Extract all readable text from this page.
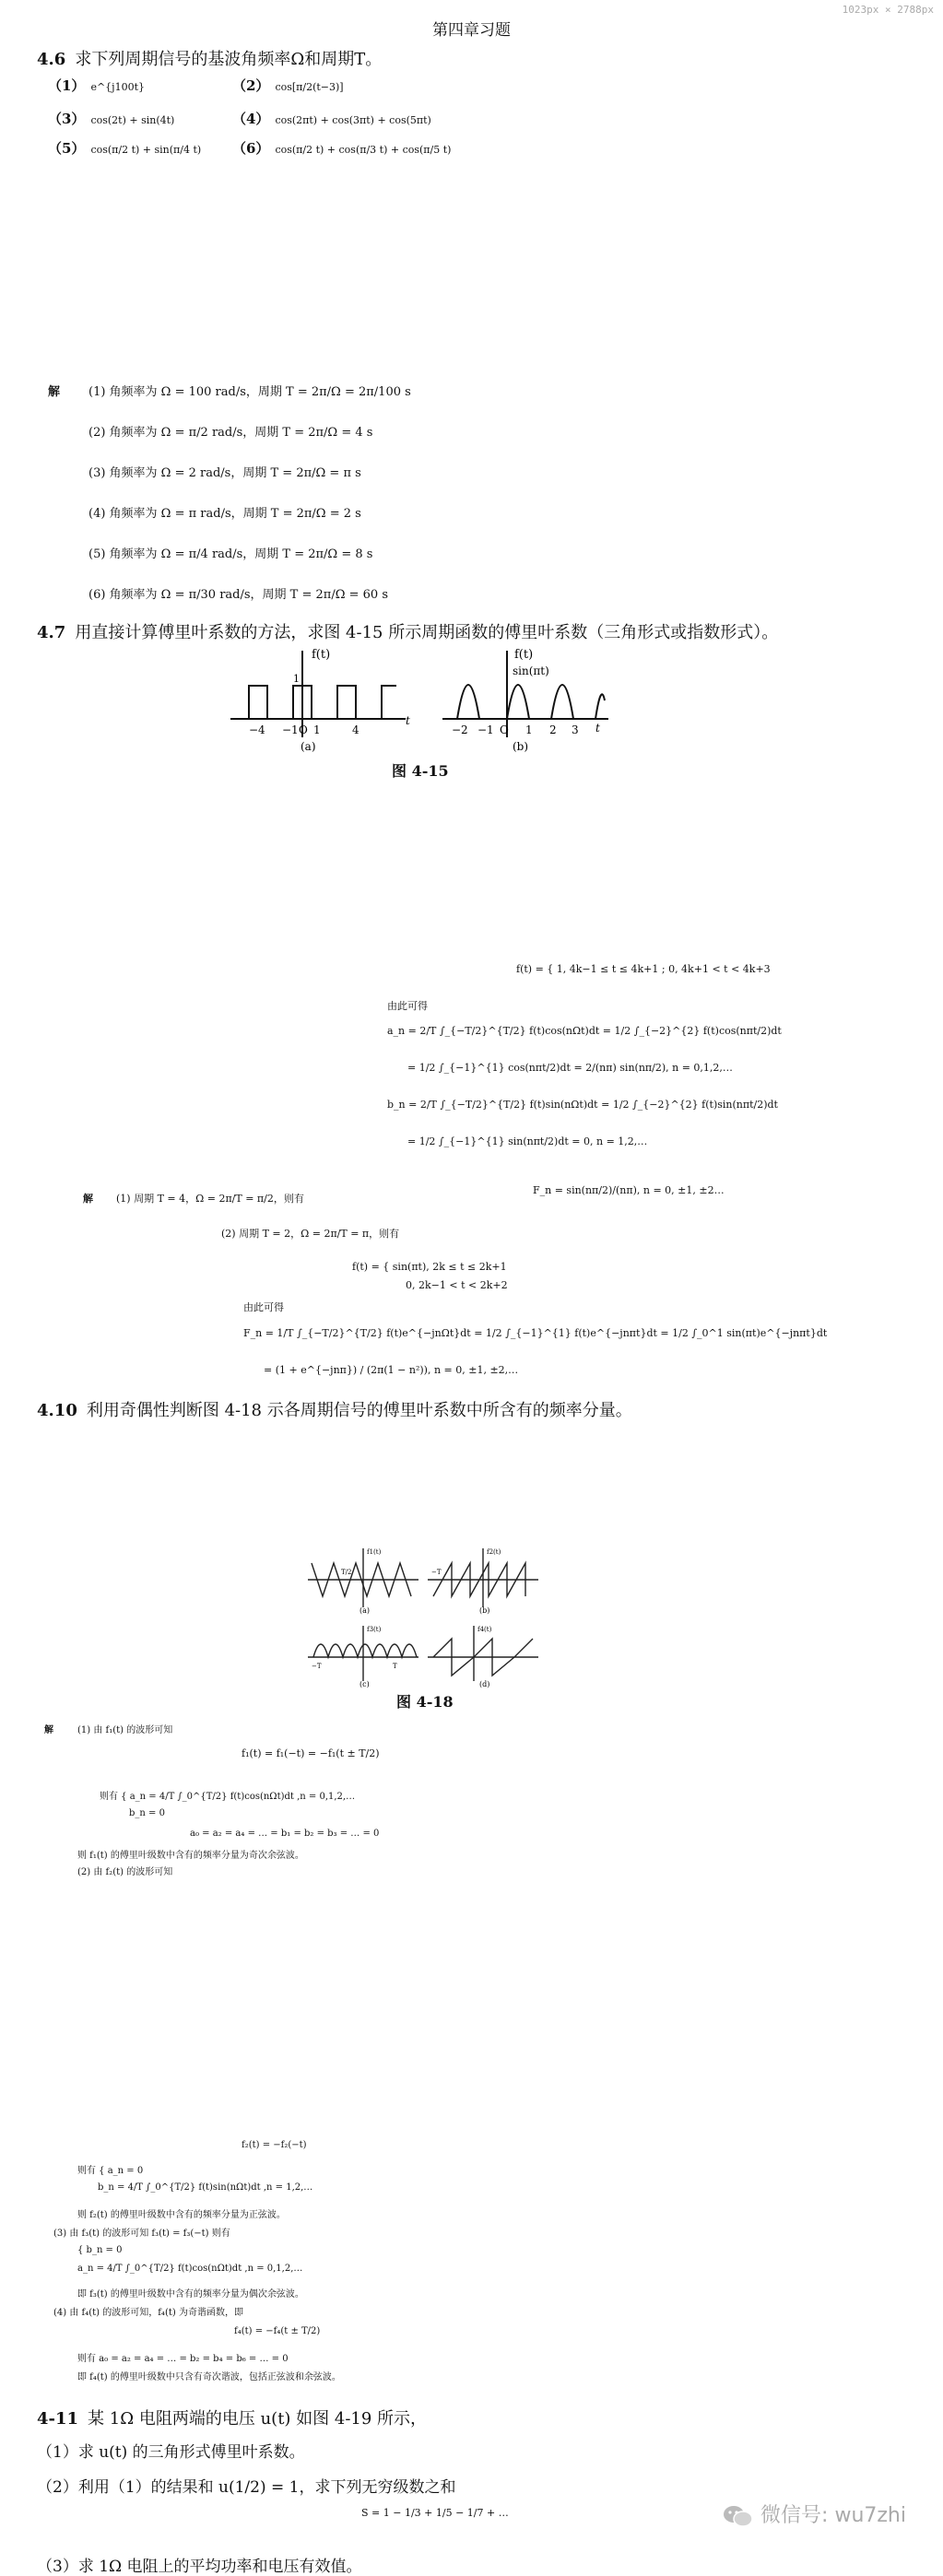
1023px × 2788px
第四章习题
4.6 求下列周期信号的基波角频率Ω和周期T。
（1） e^{j100t}	（2） cos[π/2(t−3)]
（3） cos(2t) + sin(4t)	（4） cos(2πt) + cos(3πt) + cos(5πt)
（5） cos(π/2 t) + sin(π/4 t) （6） cos(π/2 t) + cos(π/3 t) + cos(π/5 t)
解 (1) 角频率为 Ω = 100 rad/s，周期 T = 2π/Ω = 2π/100 s
(2) 角频率为 Ω = π/2 rad/s，周期 T = 2π/Ω = 4 s
(3) 角频率为 Ω = 2 rad/s，周期 T = 2π/Ω = π s
(4) 角频率为 Ω = π rad/s，周期 T = 2π/Ω = 2 s
(5) 角频率为 Ω = π/4 rad/s，周期 T = 2π/Ω = 8 s
(6) 角频率为 Ω = π/30 rad/s，周期 T = 2π/Ω = 60 s
4.7 用直接计算傅里叶系数的方法，求图 4-15 所示周期函数的傅里叶系数（三角形式或指数形式）。
f(t)
1
−4 −1 O 1	4
t
(a)
f(t)
sin(πt)
−2 −1 O 1 2 3 t
(b)
图 4-15
f(t) = { 1, 4k−1 ≤ t ≤ 4k+1 ; 0, 4k+1 < t < 4k+3
由此可得
a_n = 2/T ∫_{−T/2}^{T/2} f(t)cos(nΩt)dt = 1/2 ∫_{−2}^{2} f(t)cos(nπt/2)dt
= 1/2 ∫_{−1}^{1} cos(nπt/2)dt = 2/(nπ) sin(nπ/2), n = 0,1,2,…
b_n = 2/T ∫_{−T/2}^{T/2} f(t)sin(nΩt)dt = 1/2 ∫_{−2}^{2} f(t)sin(nπt/2)dt
= 1/2 ∫_{−1}^{1} sin(nπt/2)dt = 0, n = 1,2,…
解 (1) 周期 T = 4，Ω = 2π/T = π/2，则有
F_n = sin(nπ/2)/(nπ), n = 0, ±1, ±2…
(2) 周期 T = 2，Ω = 2π/T = π，则有
f(t) = { sin(πt), 2k ≤ t ≤ 2k+1
0, 2k−1 < t < 2k+2
由此可得
F_n = 1/T ∫_{−T/2}^{T/2} f(t)e^{−jnΩt}dt = 1/2 ∫_{−1}^{1} f(t)e^{−jnπt}dt = 1/2 ∫_0^1 sin(πt)e^{−jnπt}dt
= (1 + e^{−jnπ}) / (2π(1 − n²)), n = 0, ±1, ±2,…
4.10 利用奇偶性判断图 4-18 示各周期信号的傅里叶系数中所含有的频率分量。
f1(t)
T/2
(a)
f2(t)
−T
(b)
f3(t)
−T	T
(c)
f4(t)
(d)
图 4-18
解	(1) 由 f₁(t) 的波形可知
f₁(t) = f₁(−t) = −f₁(t ± T/2)
则有 { a_n = 4/T ∫_0^{T/2} f(t)cos(nΩt)dt ,n = 0,1,2,…
b_n = 0
a₀ = a₂ = a₄ = … = b₁ = b₂ = b₃ = … = 0
则 f₁(t) 的傅里叶级数中含有的频率分量为奇次余弦波。
(2) 由 f₂(t) 的波形可知
f₂(t) = −f₂(−t)
则有 { a_n = 0
b_n = 4/T ∫_0^{T/2} f(t)sin(nΩt)dt ,n = 1,2,…
则 f₂(t) 的傅里叶级数中含有的频率分量为正弦波。
(3) 由 f₃(t) 的波形可知 f₃(t) = f₃(−t) 则有
{ b_n = 0
a_n = 4/T ∫_0^{T/2} f(t)cos(nΩt)dt ,n = 0,1,2,…
即 f₃(t) 的傅里叶级数中含有的频率分量为偶次余弦波。
(4) 由 f₄(t) 的波形可知，f₄(t) 为奇谐函数，即
f₄(t) = −f₄(t ± T/2)
则有 a₀ = a₂ = a₄ = … = b₂ = b₄ = b₆ = … = 0
即 f₄(t) 的傅里叶级数中只含有奇次谐波，包括正弦波和余弦波。
4-11 某 1Ω 电阻两端的电压 u(t) 如图 4-19 所示，
（1）求 u(t) 的三角形式傅里叶系数。
（2）利用（1）的结果和 u(1/2) = 1，求下列无穷级数之和
S = 1 − 1/3 + 1/5 − 1/7 + …
（3）求 1Ω 电阻上的平均功率和电压有效值。
微信号: wu7zhi
